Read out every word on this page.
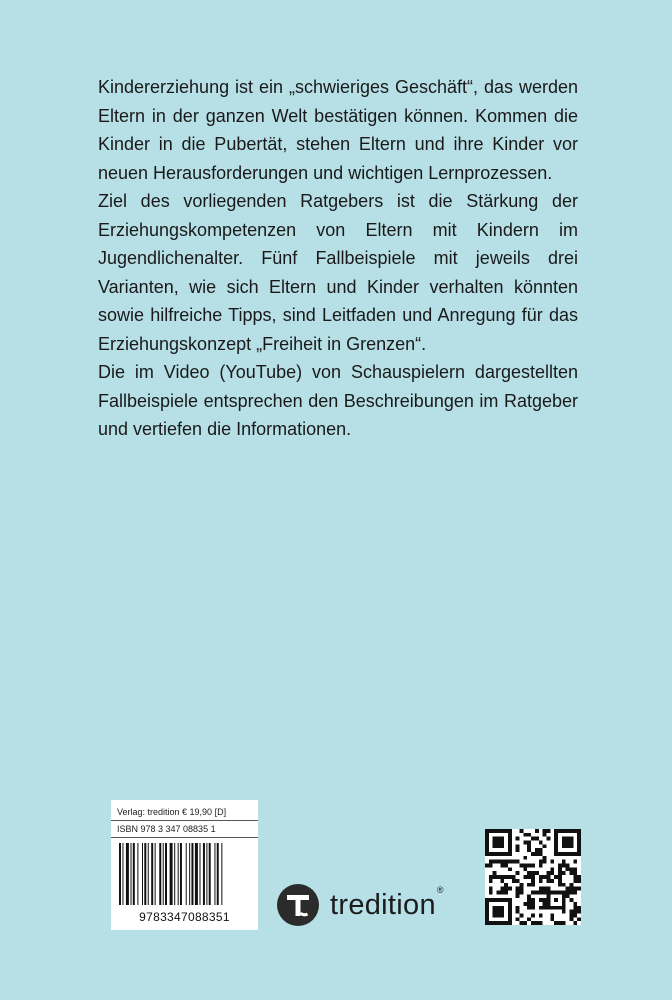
Kindererziehung ist ein „schwieriges Geschäft“, das werden Eltern in der ganzen Welt bestätigen können. Kommen die Kinder in die Pubertät, stehen Eltern und ihre Kinder vor neuen Herausforderungen und wichtigen Lernprozessen.

Ziel des vorliegenden Ratgebers ist die Stärkung der Erziehungskompetenzen von Eltern mit Kindern im Jugendlichenalter. Fünf Fallbeispiele mit jeweils drei Varianten, wie sich Eltern und Kinder verhalten könnten sowie hilfreiche Tipps, sind Leitfaden und Anregung für das Erziehungskonzept „Freiheit in Grenzen“.

Die im Video (YouTube) von Schauspielern dargestellten Fallbeispiele entsprechen den Beschreibungen im Ratgeber und vertiefen die Informationen.

Verlag: tredition € 19,90 [D]
ISBN 978 3 347 08835 1
9783347088351	tredition®
